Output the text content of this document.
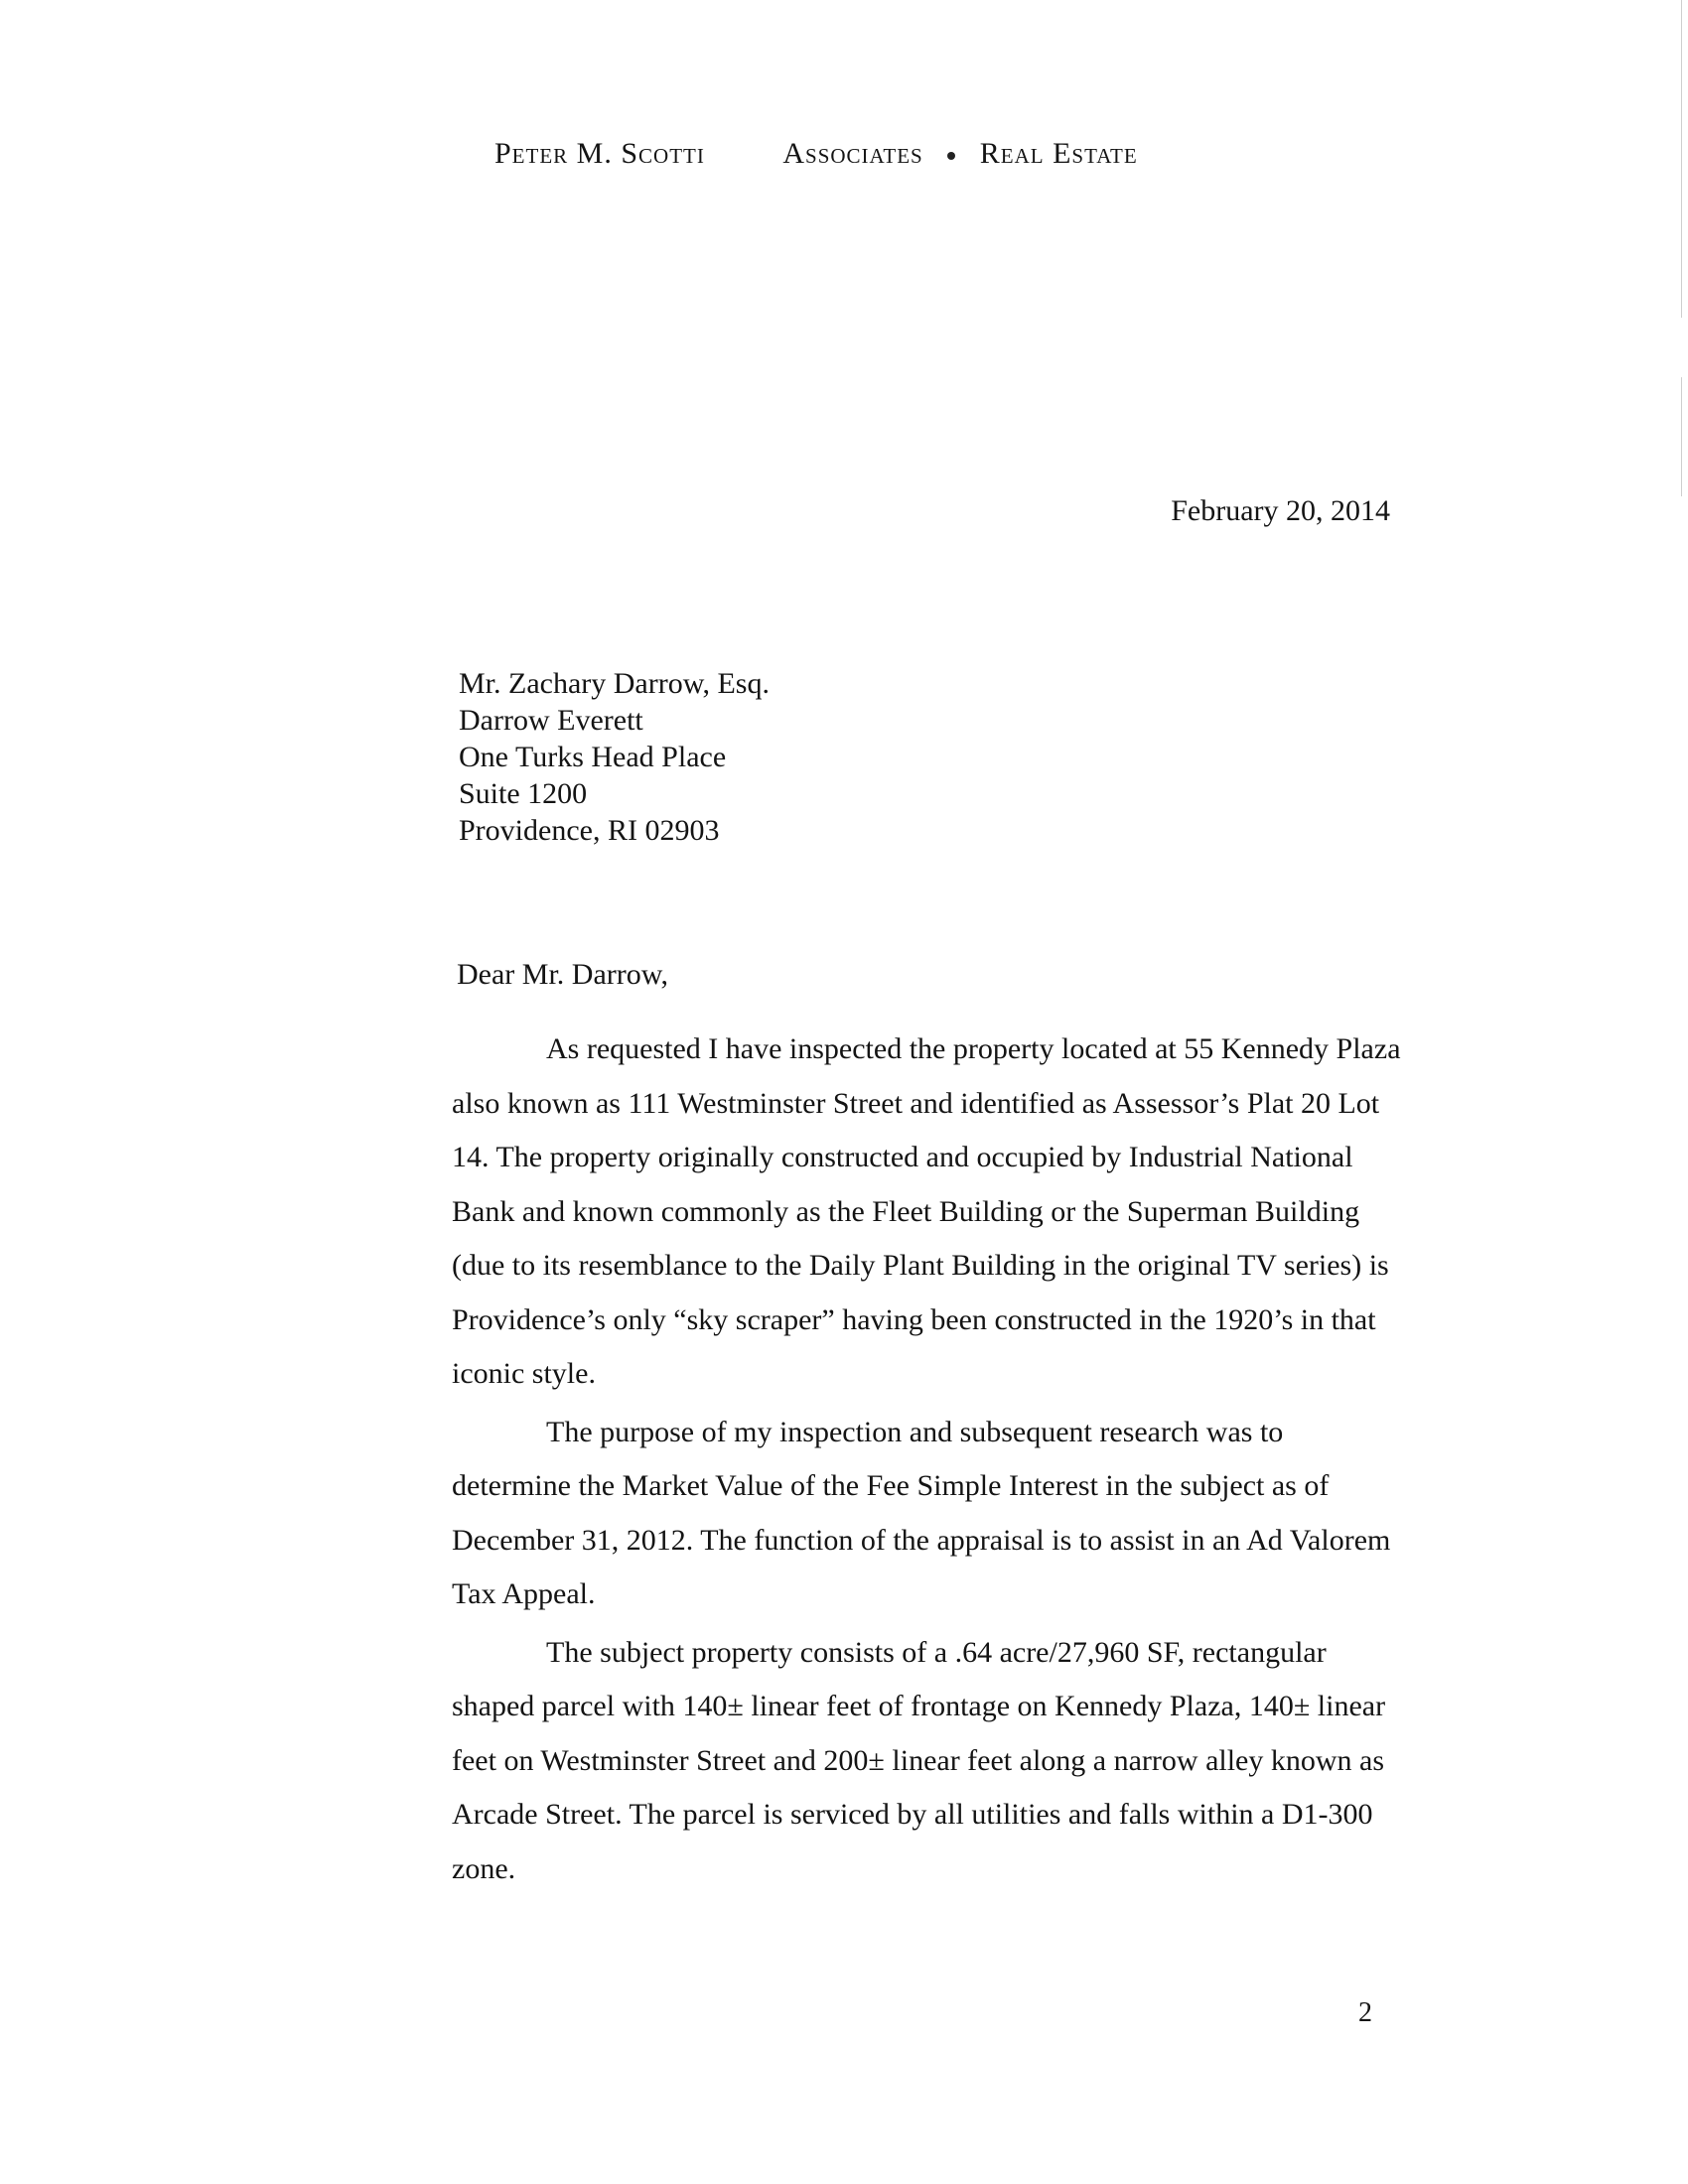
Peter M. Scotti	Associates Real Estate
February 20, 2014
Mr. Zachary Darrow, Esq.
Darrow Everett
One Turks Head Place
Suite 1200
Providence, RI 02903
Dear Mr. Darrow,

As requested I have inspected the property located at 55 Kennedy Plaza also known as 111 Westminster Street and identified as Assessor’s Plat 20 Lot 14. The property originally constructed and occupied by Industrial National Bank and known commonly as the Fleet Building or the Superman Building (due to its resemblance to the Daily Plant Building in the original TV series) is Providence’s only “sky scraper” having been constructed in the 1920’s in that iconic style.

The purpose of my inspection and subsequent research was to determine the Market Value of the Fee Simple Interest in the subject as of December 31, 2012. The function of the appraisal is to assist in an Ad Valorem Tax Appeal.

The subject property consists of a .64 acre/27,960 SF, rectangular shaped parcel with 140± linear feet of frontage on Kennedy Plaza, 140± linear feet on Westminster Street and 200± linear feet along a narrow alley known as Arcade Street. The parcel is serviced by all utilities and falls within a D1-300 zone.

2
